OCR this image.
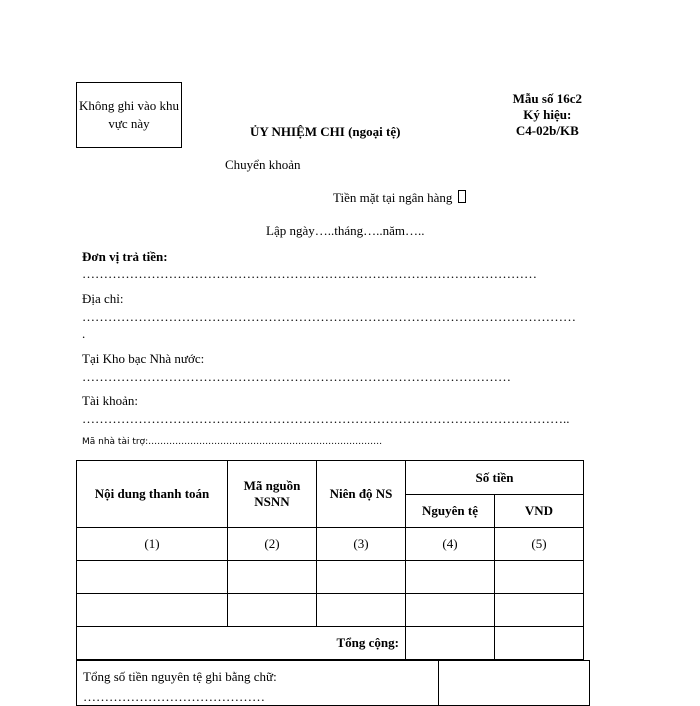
Không ghi vào khu vực này
Mẫu số 16c2
Ký hiệu:
C4-02b/KB
ỦY NHIỆM CHI (ngoại tệ)
Chuyển khoản
Tiền mặt tại ngân hàng
Lập ngày…..tháng…..năm…..
Đơn vị trả tiền:
……………………………………………………………………………………………
Địa chỉ:
……………………………………………………………………………………………………
.
Tại Kho bạc Nhà nước:
………………………………………………………………………………………
Tài khoản:
…………………………………………………………………………………………………..
Mã nhà tài trợ:……………………………………………………………………
Nội dung thanh toán	Mã nguồn NSNN	Niên độ NS	Số tiền	
			Nguyên tệ	VND
(1)	(2)	(3)	(4)	(5)

Tổng cộng:				
Tổng số tiền nguyên tệ ghi bằng chữ:
……………………………………
